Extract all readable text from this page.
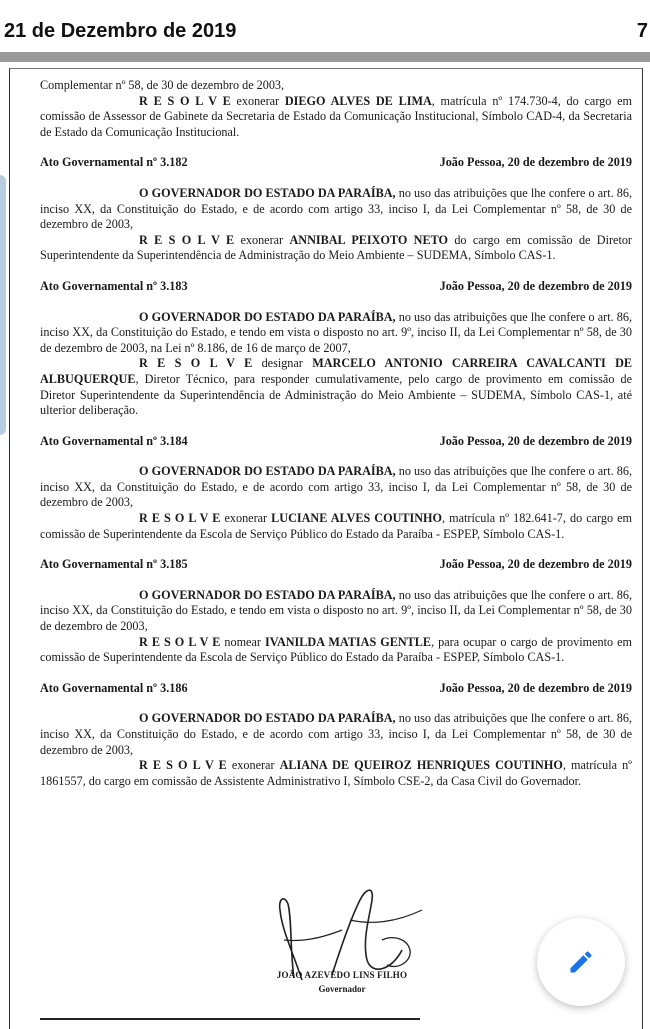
21 de Dezembro de 2019	7

Complementar nº 58, de 30 de dezembro de 2003,

R E S O L V E exonerar DIEGO ALVES DE LIMA, matrícula nº 174.730-4, do cargo em comissão de Assessor de Gabinete da Secretaria de Estado da Comunicação Institucional, Símbolo CAD-4, da Secretaria de Estado da Comunicação Institucional.

Ato Governamental nº 3.182	João Pessoa, 20 de dezembro de 2019

O GOVERNADOR DO ESTADO DA PARAÍBA, no uso das atribuições que lhe confere o art. 86, inciso XX, da Constituição do Estado, e de acordo com artigo 33, inciso I, da Lei Complementar nº 58, de 30 de dezembro de 2003,

R E S O L V E exonerar ANNIBAL PEIXOTO NETO do cargo em comissão de Diretor Superintendente da Superintendência de Administração do Meio Ambiente – SUDEMA, Símbolo CAS-1.

Ato Governamental nº 3.183	João Pessoa, 20 de dezembro de 2019

O GOVERNADOR DO ESTADO DA PARAÍBA, no uso das atribuições que lhe confere o art. 86, inciso XX, da Constituição do Estado, e tendo em vista o disposto no art. 9º, inciso II, da Lei Complementar nº 58, de 30 de dezembro de 2003, na Lei nº 8.186, de 16 de março de 2007,

R E S O L V E designar MARCELO ANTONIO CARREIRA CAVALCANTI DE ALBUQUERQUE, Diretor Técnico, para responder cumulativamente, pelo cargo de provimento em comissão de Diretor Superintendente da Superintendência de Administração do Meio Ambiente – SUDEMA, Símbolo CAS-1, até ulterior deliberação.

Ato Governamental nº 3.184	João Pessoa, 20 de dezembro de 2019

O GOVERNADOR DO ESTADO DA PARAÍBA, no uso das atribuições que lhe confere o art. 86, inciso XX, da Constituição do Estado, e de acordo com artigo 33, inciso I, da Lei Complementar nº 58, de 30 de dezembro de 2003,

R E S O L V E exonerar LUCIANE ALVES COUTINHO, matrícula nº 182.641-7, do cargo em comissão de Superintendente da Escola de Serviço Público do Estado da Paraíba - ESPEP, Símbolo CAS-1.

Ato Governamental nº 3.185	João Pessoa, 20 de dezembro de 2019

O GOVERNADOR DO ESTADO DA PARAÍBA, no uso das atribuições que lhe confere o art. 86, inciso XX, da Constituição do Estado, e tendo em vista o disposto no art. 9º, inciso II, da Lei Complementar nº 58, de 30 de dezembro de 2003,

R E S O L V E nomear IVANILDA MATIAS GENTLE, para ocupar o cargo de provimento em comissão de Superintendente da Escola de Serviço Público do Estado da Paraíba - ESPEP, Símbolo CAS-1.

Ato Governamental nº 3.186	João Pessoa, 20 de dezembro de 2019

O GOVERNADOR DO ESTADO DA PARAÍBA, no uso das atribuições que lhe confere o art. 86, inciso XX, da Constituição do Estado, e de acordo com artigo 33, inciso I, da Lei Complementar nº 58, de 30 de dezembro de 2003,

R E S O L V E exonerar ALIANA DE QUEIROZ HENRIQUES COUTINHO, matrícula nº 1861557, do cargo em comissão de Assistente Administrativo I, Símbolo CSE-2, da Casa Civil do Governador.

JOÃO AZEVÊDO LINS FILHO
Governador
